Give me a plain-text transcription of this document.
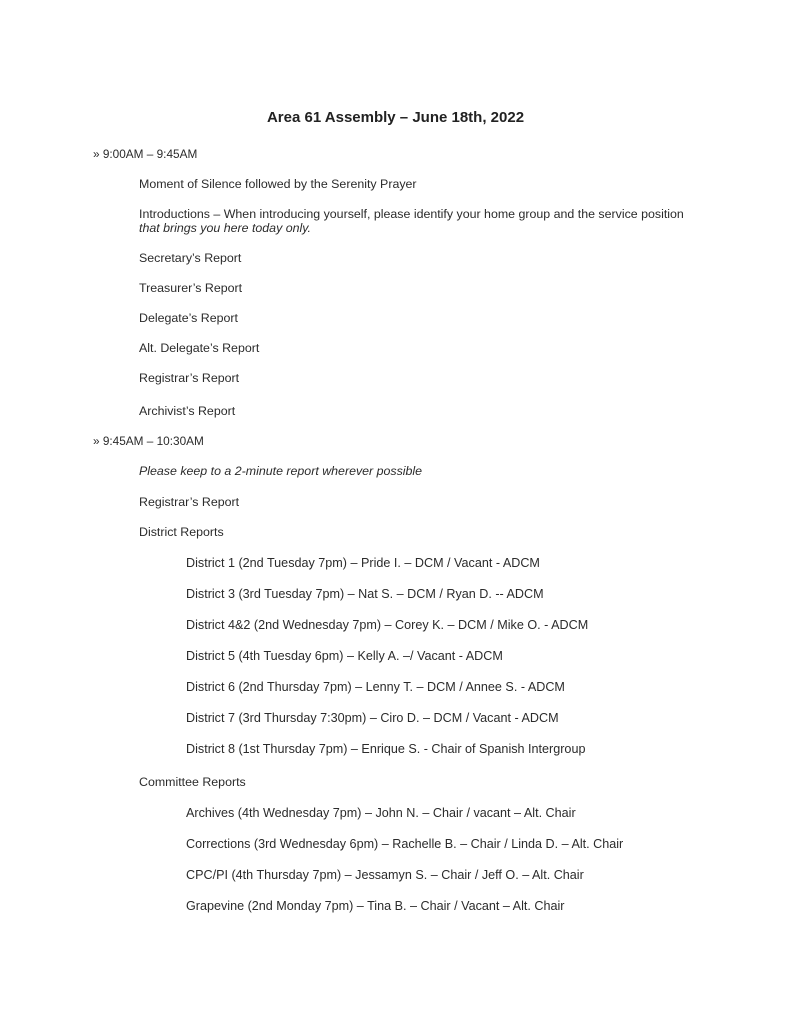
Area 61 Assembly – June 18th, 2022
» 9:00AM – 9:45AM
Moment of Silence followed by the Serenity Prayer
Introductions – When introducing yourself, please identify your home group and the service position
that brings you here today only.
Secretary’s Report
Treasurer’s Report
Delegate’s Report
Alt. Delegate’s Report
Registrar’s Report
Archivist’s Report
» 9:45AM – 10:30AM
Please keep to a 2-minute report wherever possible
Registrar’s Report
District Reports
District 1 (2nd Tuesday 7pm) – Pride I. – DCM / Vacant - ADCM
District 3 (3rd Tuesday 7pm) – Nat S. – DCM / Ryan D. -- ADCM
District 4&2 (2nd Wednesday 7pm) – Corey K. – DCM / Mike O. - ADCM
District 5 (4th Tuesday 6pm) – Kelly A. –/ Vacant - ADCM
District 6 (2nd Thursday 7pm) – Lenny T. – DCM / Annee S. - ADCM
District 7 (3rd Thursday 7:30pm) – Ciro D. – DCM / Vacant - ADCM
District 8 (1st Thursday 7pm) – Enrique S. - Chair of Spanish Intergroup
Committee Reports
Archives (4th Wednesday 7pm) – John N. – Chair / vacant – Alt. Chair
Corrections (3rd Wednesday 6pm) – Rachelle B. – Chair / Linda D. – Alt. Chair
CPC/PI (4th Thursday 7pm) – Jessamyn S. – Chair / Jeff O. – Alt. Chair
Grapevine (2nd Monday 7pm) – Tina B. – Chair / Vacant – Alt. Chair
